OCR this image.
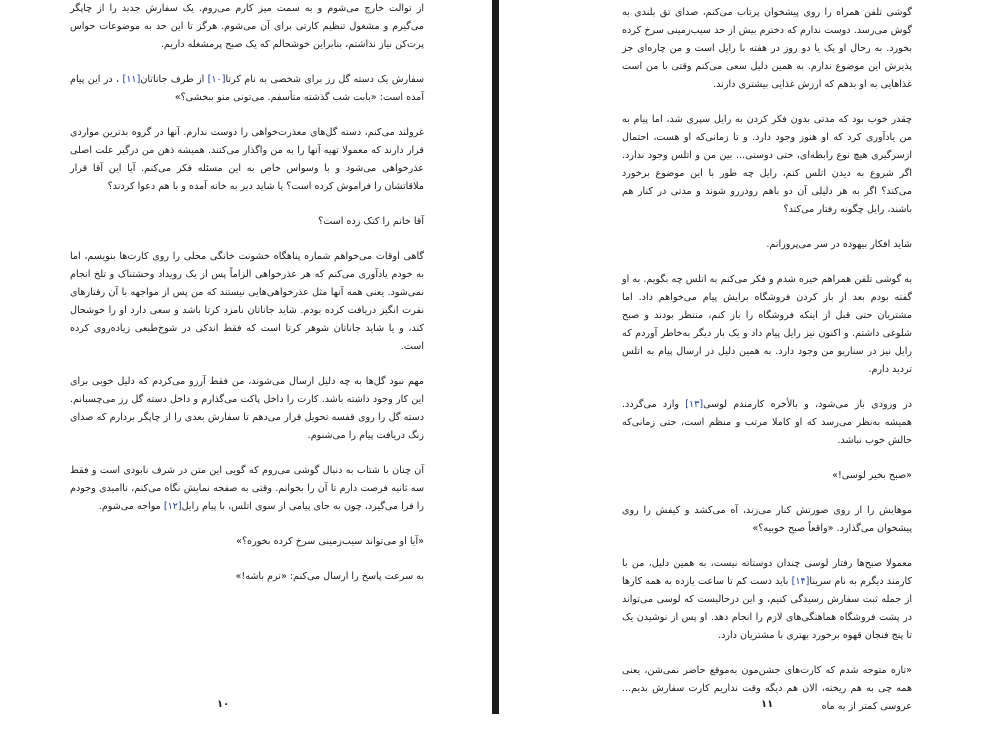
از توالت خارج می‌شوم و به سمت میز کارم می‌روم. یک سفارش جدید را از چاپگر می‌گیرم و مشغول تنظیم کارتی برای آن می‌شوم. هرگز تا این حد به موضوعات حواس پرت‌کن نیاز نداشتم، بنابراین خوشحالم که یک صبح پرمشغله داریم.

سفارش یک دسته گل رز برای شخصی به نام کرتا[۱۰] از طرف جاناتان[۱۱] ، در این پیام آمده است: «بابت شب گذشته متأسفم. می‌تونی منو ببخشی؟»

غرولند می‌کنم، دسته گل‌های معذرت‌خواهی را دوست ندارم. آنها در گروه بدترین مواردی قرار دارند که معمولا تهیه آنها را به من واگذار می‌کنند. همیشه ذهن من درگیر علت اصلی عذرخواهی می‌شود و با وسواس خاص به این مسئله فکر می‌کنم. آیا این آقا قرار ملاقاتشان را فراموش کرده است؟ یا شاید دیر به خانه آمده و با هم دعوا کردند؟

آقا خانم را کتک زده است؟

گاهی اوقات می‌خواهم شماره پناهگاه خشونت خانگی محلی را روی کارت‌ها بنویسم، اما به خودم یادآوری می‌کنم که هر عذرخواهی الزاماً پس از یک رویداد وحشتناک و تلخ انجام نمی‌شود. یعنی همه آنها مثل عذرخواهی‌هایی نیستند که من پس از مواجهه با آن رفتارهای نفرت انگیز دریافت کرده بودم. شاید جاناتان نامزد کرتا باشد و سعی دارد او را خوشحال کند، و یا شاید جاناتان شوهر کرتا است که فقط اندکی در شوخ‌طبعی زیاده‌روی کرده است.

مهم نبود گل‌ها به چه دلیل ارسال می‌شوند، من فقط آرزو می‌کردم که دلیل خوبی برای این کار وجود داشته باشد. کارت را داخل پاکت می‌گذارم و داخل دسته گل رز می‌چسبانم. دسته گل را روی قفسه تحویل قرار می‌دهم تا سفارش بعدی را از چاپگر بردارم که صدای زنگ دریافت پیام را می‌شنوم.

آن چنان با شتاب به دنبال گوشی می‌روم که گویی این متن در شرف نابودی است و فقط سه ثانیه فرصت دارم تا آن را بخوانم. وقتی به صفحه نمایش نگاه می‌کنم، ناامیدی وجودم را فرا می‌گیرد، چون به جای پیامی از سوی اتلس، با پیام رایل[۱۲] مواجه می‌شوم.

«آیا او می‌تواند سیب‌زمینی سرخ کرده بخوره؟»

به سرعت پاسخ را ارسال می‌کنم: «نرم باشه!»

۱۰

گوشی تلفن همراه را روی پیشخوان پرتاب می‌کنم، صدای تق بلندی به گوش می‌رسد. دوست ندارم که دخترم بیش از حد سیب‌زمینی سرخ کرده بخورد. به رحال او یک یا دو روز در هفته با رایل است و من چاره‌ای جز پذیرش این موضوع ندارم. به همین دلیل سعی می‌کنم وقتی با من است غذاهایی به او بدهم که ارزش غذایی بیشتری دارند.

چقدر خوب بود که مدتی بدون فکر کردن به رایل سپری شد، اما پیام به من یادآوری کرد که او هنوز وجود دارد. و تا زمانی‌که او هست، احتمال ازسرگیری هیچ نوع رابطه‌ای، حتی دوستی... بین من و اتلس وجود ندارد. اگر شروع به دیدن اتلس کنم، رایل چه طور با این موضوع برخورد می‌کند؟ اگر به هر دلیلی آن دو باهم رودررو شوند و مدتی در کنار هم باشند، رایل چگونه رفتار می‌کند؟

شاید افکار بیهوده در سر می‌پرورانم.

به گوشی تلفن همراهم خیره شدم و فکر می‌کنم به اتلس چه بگویم. به او گفته بودم بعد از باز کردن فروشگاه برایش پیام می‌خواهم داد. اما مشتریان حتی قبل از اینکه فروشگاه را باز کنم، منتظر بودند و صبح شلوغی داشتم. و اکنون نیز رایل پیام داد و یک بار دیگر به‌خاطر آوردم که رایل نیز در سناریو من وجود دارد. به همین دلیل در ارسال پیام به اتلس تردید دارم.

در ورودی باز می‌شود، و بالأخره کارمندم لوسی[۱۳] وارد می‌گردد. همیشه به‌نظر می‌رسد که او کاملا مرتب و منظم است، حتی زمانی‌که حالش خوب نباشد.

«صبح بخیر لوسی!»

موهایش را از روی صورتش کنار می‌زند، آه می‌کشد و کیفش را روی پیشخوان می‌گذارد. «واقعاً صبح خوبیه؟»

معمولا صبح‌ها رفتار لوسی چندان دوستانه نیست، به همین دلیل، من با کارمند دیگرم به نام سرینا[۱۴] باید دست کم تا ساعت یازده به همه کارها از جمله ثبت سفارش رسیدگی کنیم، و این درحالیست که لوسی می‌تواند در پشت فروشگاه هماهنگی‌های لازم را انجام دهد. او پس از نوشیدن یک تا پنج فنجان قهوه برخورد بهتری با مشتریان دارد.

«تازه متوجه شدم که کارت‌های جشن‌مون به‌موقع حاضر نمی‌شن، یعنی همه چی به هم ریخته، الان هم دیگه وقت نداریم کارت سفارش بدیم... عروسی کمتر از یه ماه

۱۱
